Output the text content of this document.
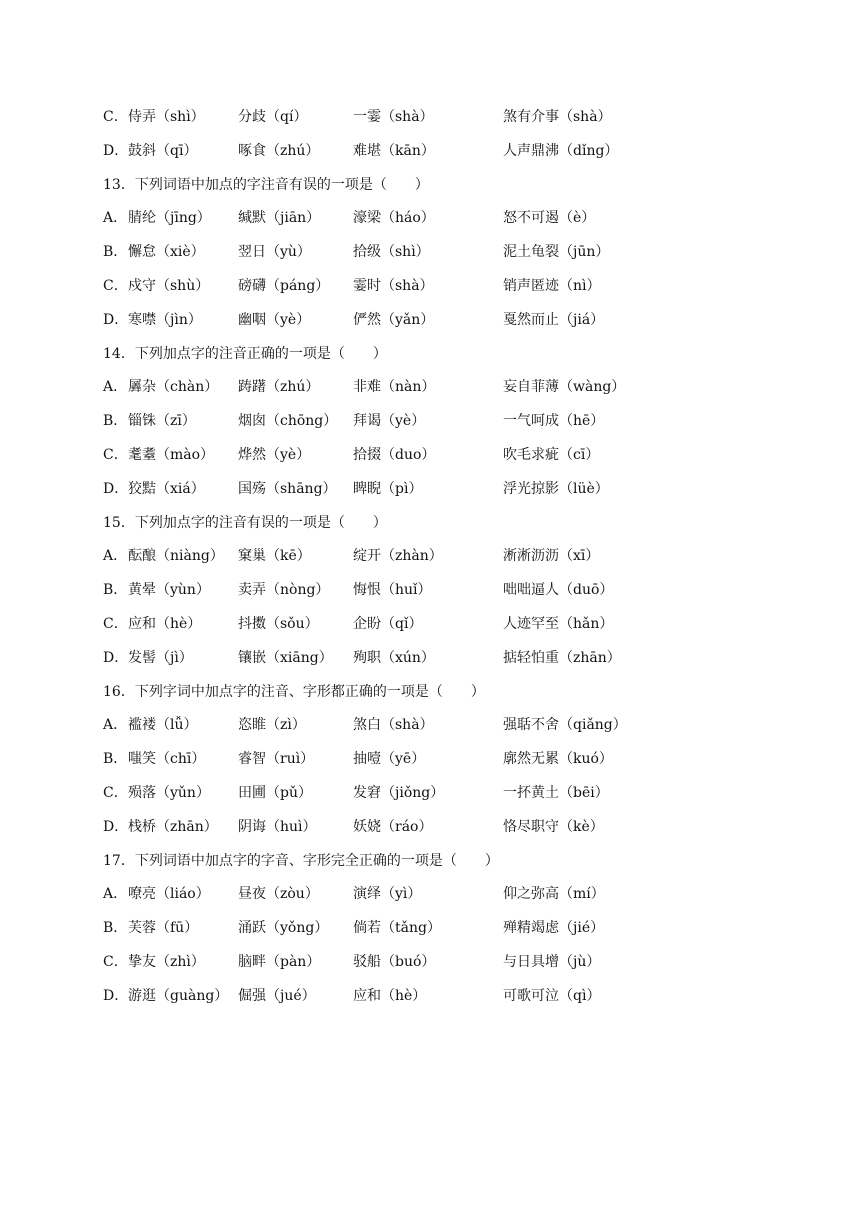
C． 侍弄（shì） 分歧（qí）	一霎（shà）	煞有介事（shà）
D． 鼓斜（qī）	啄食（zhú） 难堪（kān）	人声鼎沸（dǐng）
13．下列词语中加点的字注音有误的一项是（　　）
A． 腈纶（jīng） 缄默（jiān） 濠梁（háo）	怒不可遏（è）
B． 懈怠（xiè） 翌日（yù）	拾级（shì）	泥土龟裂（jūn）
C． 戍守（shù） 磅礴（páng） 霎时（shà）	销声匿迹（nì）
D． 寒噤（jìn）	幽咽（yè）	俨然（yǎn）	戛然而止（jiá）
14．下列加点字的注音正确的一项是（　　）
A． 羼杂（chàn） 踌躇（zhú） 非难（nàn）	妄自菲薄（wàng）
B． 锱铢（zī）	烟囱（chōng） 拜谒（yè）	一气呵成（hē）
C． 耄耋（mào） 烨然（yè）	拾掇（duo）	吹毛求疵（cī）
D． 狡黠（xiá） 国殇（shāng） 睥睨（pì）	浮光掠影（lüè）
15．下列加点字的注音有误的一项是（　　）
A． 酝酿（niàng） 窠巢（kē）	绽开（zhàn）	淅淅沥沥（xī）
B． 黄晕（yùn） 卖弄（nòng） 悔恨（huǐ）	咄咄逼人（duō）
C． 应和（hè）	抖擞（sǒu） 企盼（qǐ）	人迹罕至（hǎn）
D． 发髻（jì）	镶嵌（xiāng） 殉职（xún）	掂轻怕重（zhān）
16．下列字词中加点字的注音、字形都正确的一项是（　　）
A． 褴褛（lǚ）	恣睢（zì）	煞白（shà）	强聒不舍（qiǎng）
B． 嗤笑（chī） 睿智（ruì）	抽噎（yē）	廓然无累（kuó）
C． 殒落（yǔn） 田圃（pǔ）	发窘（jiǒng）	一抔黄土（bēi）
D． 栈桥（zhān） 阴诲（huì）	妖娆（ráo）	恪尽职守（kè）
17．下列词语中加点字的字音、字形完全正确的一项是（　　）
A． 嘹亮（liáo） 昼夜（zòu） 演绎（yì）	仰之弥高（mí）
B． 芙蓉（fū）	涌跃（yǒng） 倘若（tǎng）	殚精竭虑（jié）
C． 挚友（zhì） 脑畔（pàn） 驳船（buó）	与日具增（jù）
D． 游逛（guàng） 倔强（jué）	应和（hè）	可歌可泣（qì）
